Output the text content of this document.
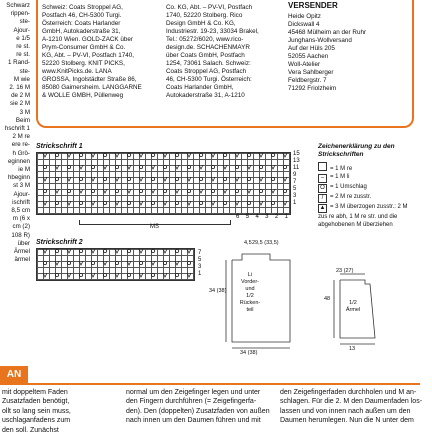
Schwarz
rippen-
ste-
Ajour-
e 1/5
re st.
re st.
1 Rand-
ste-
M wie
2. 16 M
de 2 M
sie 2 M
3 M
Beim
hschrift 1
2 M re
ere re-
h Grö-
eginnen
ie M
hbeginn
st 3 M
Ajour-
ischrift
8,5 cm
m (6 x
cm (2)
108 R)
über
Ärmel
ärmel
Schweiz: Coats Stroppel AG,
Postfach 46, CH-5300 Turgi.
Österreich: Coats Harlander
GmbH, Autokaderstraße 31,
A-1210 Wien. GOLD-ZACK über
Prym-Consumer GmbH & Co.
KG, Abt. – PV-VI, Postfach 1740,
52220 Stolberg. KNIT PICKS,
www.KnitPicks.de. LANA
GROSSA, Ingolstädter Straße 86,
85080 Gaimersheim. LANGGARNE
& WOLLE GMBH, Püllenweg
Co. KG, Abt. – PV-VI, Postfach
1740, 52220 Stolberg. Rico
Design GmbH & Co. KG,
Industriestr. 19-23, 33034 Brakel,
Tel.: 05272/6020, www.rico-
design.de. SCHACHENMAYR
über Coats GmbH, Postfach
1254, 73061 Salach. Schweiz:
Coats Stroppel AG, Postfach
46, CH-5300 Turgi. Österreich:
Coats Harlander GmbH,
Autokaderstraße 31, A-1210
VERSENDER
Heide Opitz
Dickswall 4
45468 Mülheim an der Ruhr
Junghans-Wollversand
Auf der Hüls 205
52055 Aachen
Woll-Atelier
Vera Sahlberger
Feldbergstr. 7
71292 Friolzheim
Strickschrift 1
15
13
11
9
7
5
3
1
MS
6 5 4 3 2 1
Strickschrift 2
7
5
3
1
Zeichenerklärung zu den Strickschriften
= 1 M re
– = 1 M li
O = 1 Umschlag
/ = 2 M re zusstr.
▲ = 3 M überzogen zusstr.: 2 M zus re abh, 1 M re str. und die abgehobenen M überziehen
Li
Vorder-
und
1/2
Rücken-
teil
1/2
Ärmel
29,5 (33,5)
4,5
34 (38)
34 (38)
23 (27)
48
13
mit doppeltem Faden
Zusatzfaden benötigt,
ollt so lang sein muss,
uschlaganfadens zum
den soll. Zunächst
normal um den Zeigefinger legen und unter
den Fingern durchführen (= Zeigefingerfa-
den). Den (doppelten) Zusatzfaden von außen
nach innen um den Daumen führen und mit
den Zeigefingerfaden durchholen und M an-
schlagen. Für die 2. M den Daumenfaden los-
lassen und von innen nach außen um den
Daumen herumlegen. Nun die N unter dem
AN
